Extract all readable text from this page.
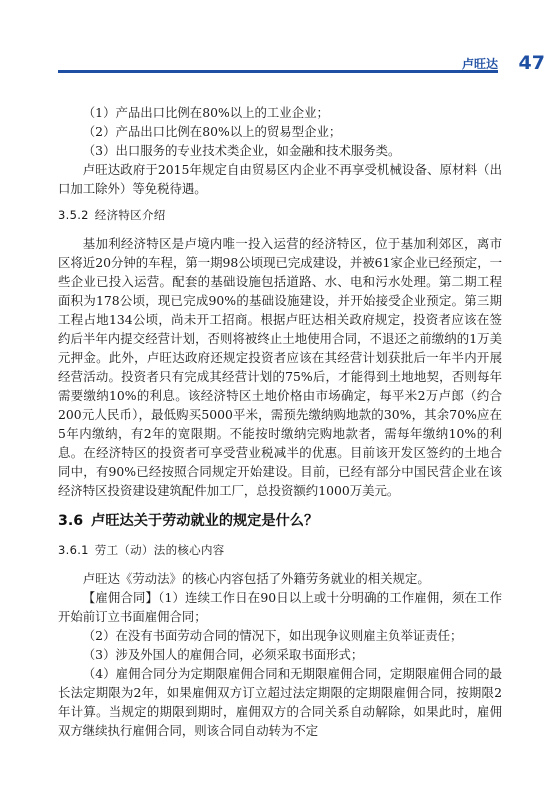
卢旺达 47

（1）产品出口比例在80%以上的工业企业；

（2）产品出口比例在80%以上的贸易型企业；

（3）出口服务的专业技术类企业，如金融和技术服务类。

卢旺达政府于2015年规定自由贸易区内企业不再享受机械设备、原材料（出口加工除外）等免税待遇。

3.5.2 经济特区介绍

基加利经济特区是卢境内唯一投入运营的经济特区，位于基加利郊区，离市区将近20分钟的车程，第一期98公顷现已完成建设，并被61家企业已经预定，一些企业已投入运营。配套的基础设施包括道路、水、电和污水处理。第二期工程面积为178公顷，现已完成90%的基础设施建设，并开始接受企业预定。第三期工程占地134公顷，尚未开工招商。根据卢旺达相关政府规定，投资者应该在签约后半年内提交经营计划，否则将被终止土地使用合同，不退还之前缴纳的1万美元押金。此外，卢旺达政府还规定投资者应该在其经营计划获批后一年半内开展经营活动。投资者只有完成其经营计划的75%后，才能得到土地地契，否则每年需要缴纳10%的利息。该经济特区土地价格由市场确定，每平米2万卢郎（约合200元人民币），最低购买5000平米，需预先缴纳购地款的30%，其余70%应在5年内缴纳，有2年的宽限期。不能按时缴纳完购地款者，需每年缴纳10%的利息。在经济特区的投资者可享受营业税减半的优惠。目前该开发区签约的土地合同中，有90%已经按照合同规定开始建设。目前，已经有部分中国民营企业在该经济特区投资建设建筑配件加工厂，总投资额约1000万美元。

3.6 卢旺达关于劳动就业的规定是什么？
3.6.1 劳工（动）法的核心内容

卢旺达《劳动法》的核心内容包括了外籍劳务就业的相关规定。

【雇佣合同】（1）连续工作日在90日以上或十分明确的工作雇佣，须在工作开始前订立书面雇佣合同；

（2）在没有书面劳动合同的情况下，如出现争议则雇主负举证责任；

（3）涉及外国人的雇佣合同，必须采取书面形式；

（4）雇佣合同分为定期限雇佣合同和无期限雇佣合同，定期限雇佣合同的最长法定期限为2年，如果雇佣双方订立超过法定期限的定期限雇佣合同，按期限2年计算。当规定的期限到期时，雇佣双方的合同关系自动解除，如果此时，雇佣双方继续执行雇佣合同，则该合同自动转为不定
